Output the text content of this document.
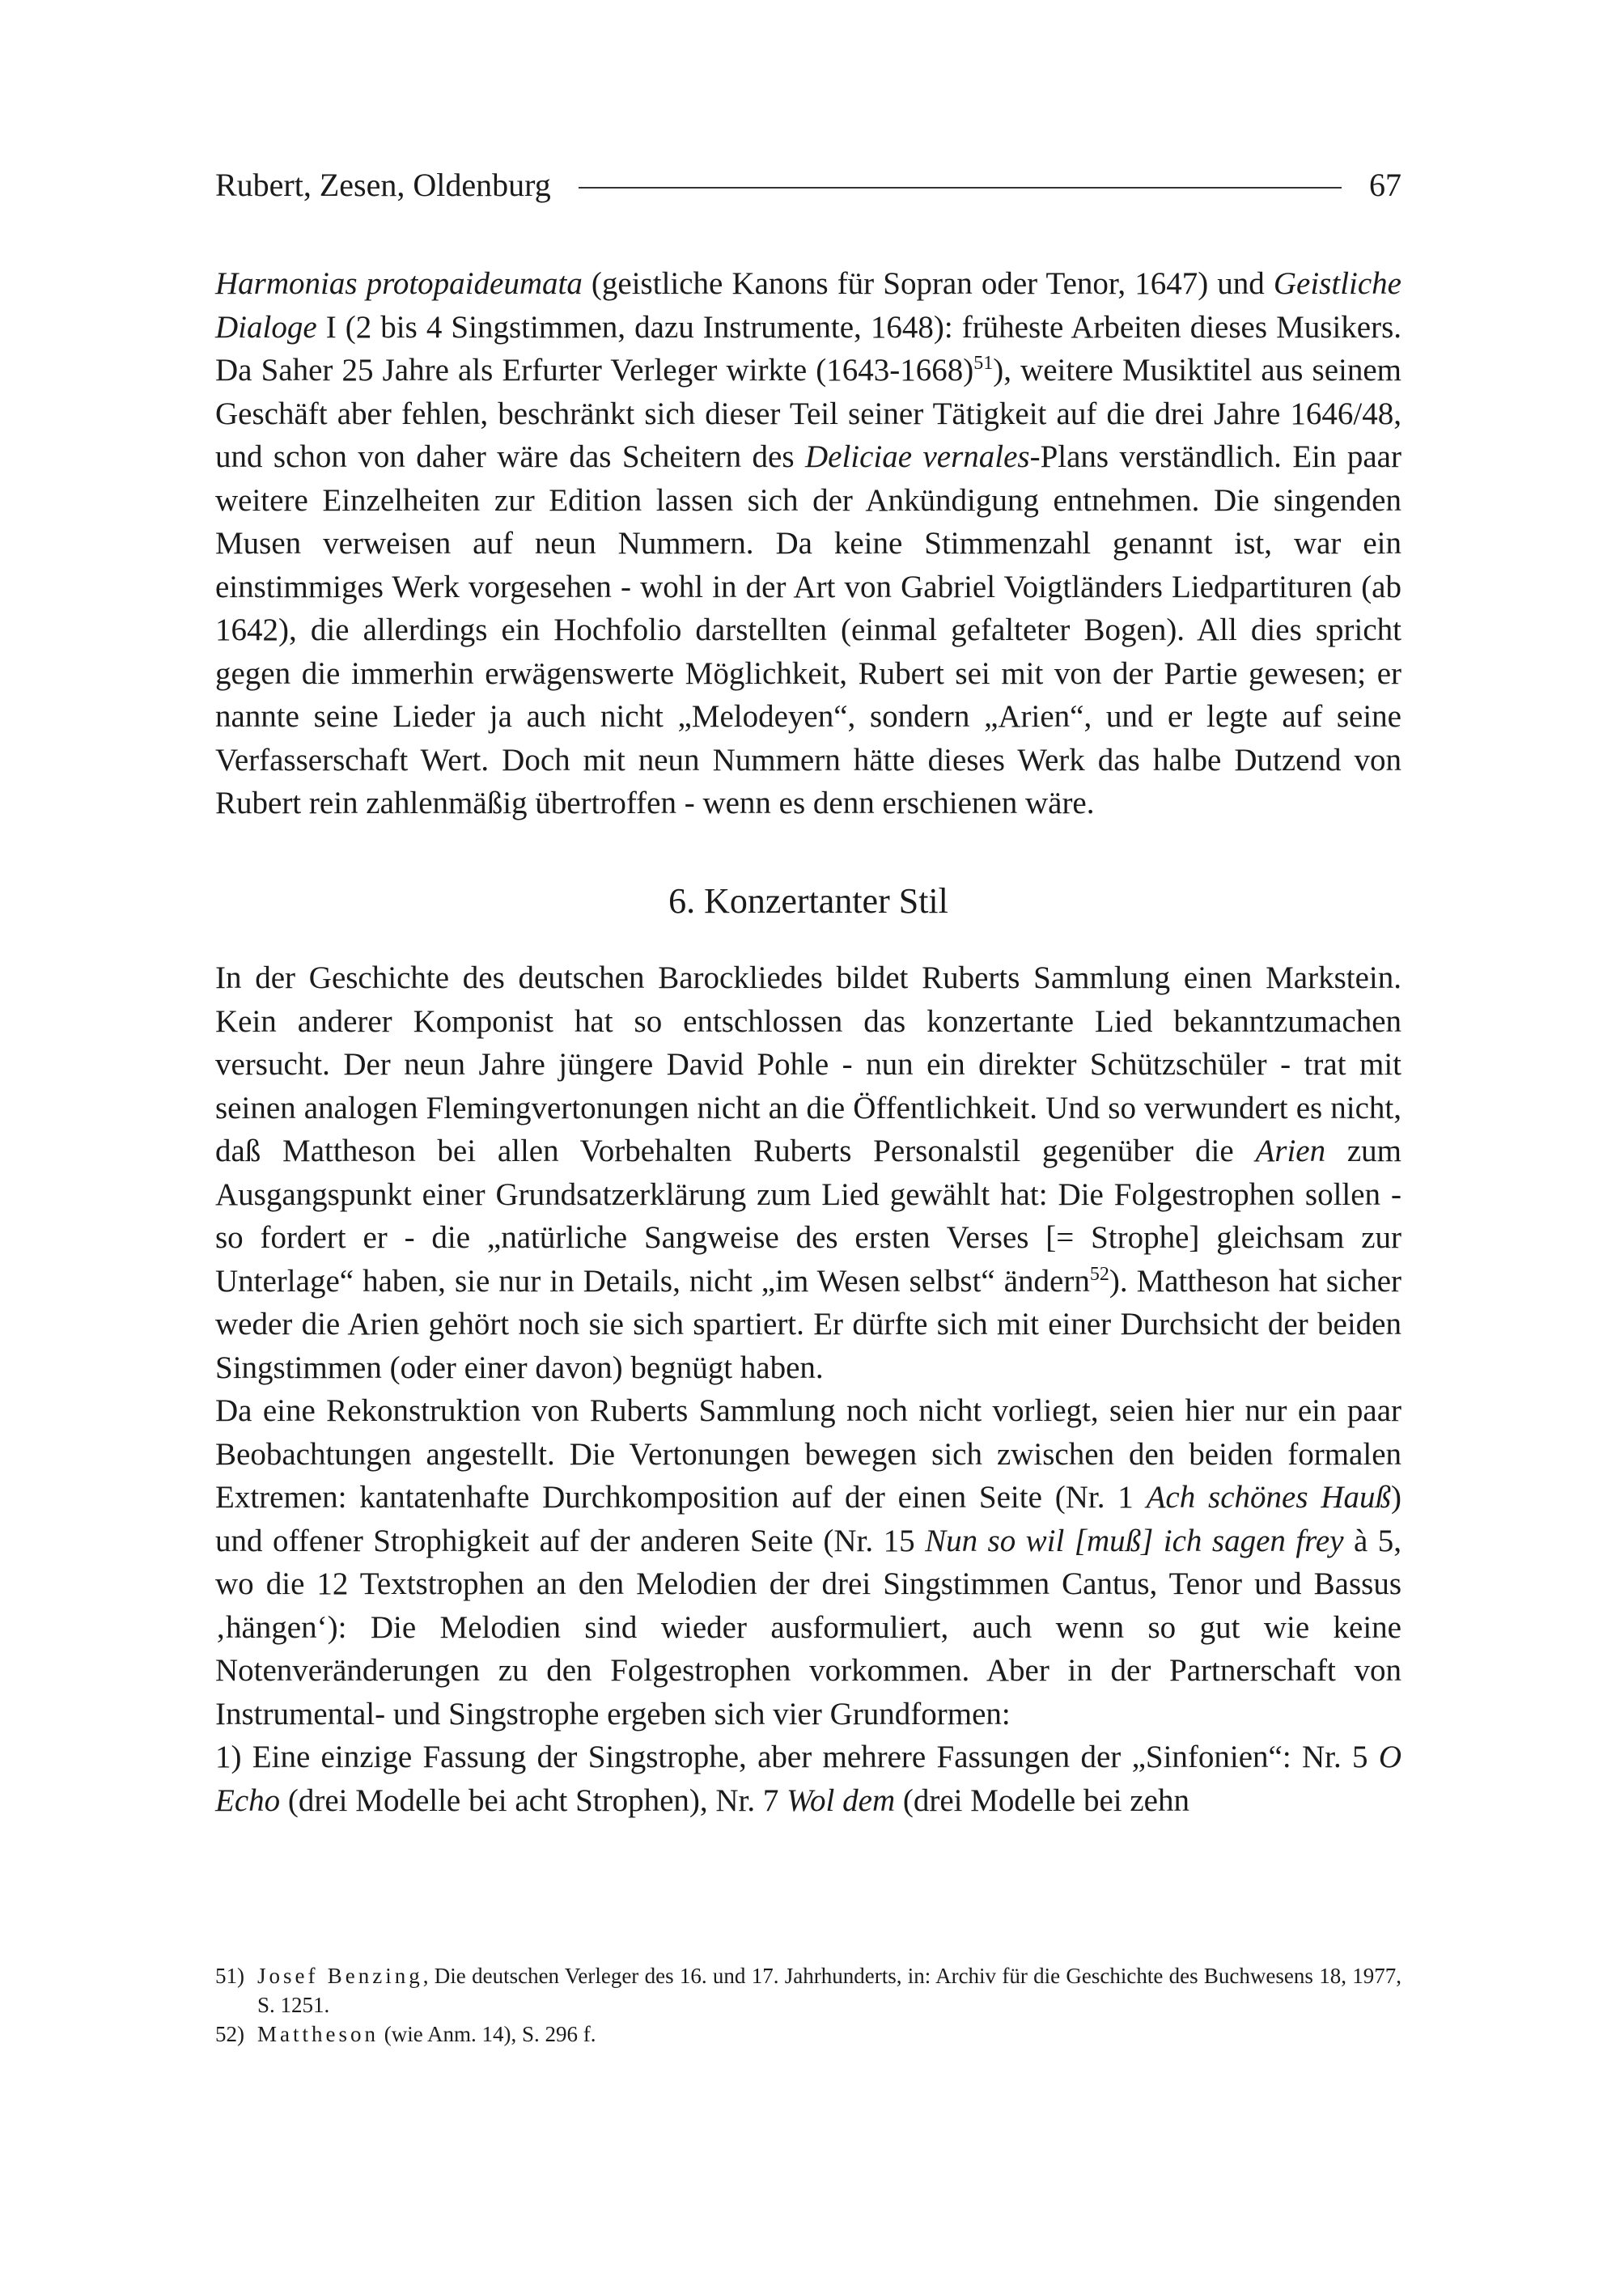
Rubert, Zesen, Oldenburg	67

Harmonias protopaideumata (geistliche Kanons für Sopran oder Tenor, 1647) und Geistliche Dialoge I (2 bis 4 Singstimmen, dazu Instrumente, 1648): früheste Arbeiten dieses Musikers. Da Saher 25 Jahre als Erfurter Verleger wirkte (1643-1668)$^{51}$), weitere Musiktitel aus seinem Geschäft aber fehlen, beschränkt sich dieser Teil seiner Tätigkeit auf die drei Jahre 1646/48, und schon von daher wäre das Scheitern des Deliciae vernales-Plans verständlich. Ein paar weitere Einzelheiten zur Edition lassen sich der Ankündigung entnehmen. Die singenden Musen verweisen auf neun Nummern. Da keine Stimmenzahl genannt ist, war ein einstimmiges Werk vorgesehen - wohl in der Art von Gabriel Voigtländers Liedpartituren (ab 1642), die allerdings ein Hochfolio darstellten (einmal gefalteter Bogen). All dies spricht gegen die immerhin erwägenswerte Möglichkeit, Rubert sei mit von der Partie gewesen; er nannte seine Lieder ja auch nicht „Melodeyen“, sondern „Arien“, und er legte auf seine Verfasserschaft Wert. Doch mit neun Nummern hätte dieses Werk das halbe Dutzend von Rubert rein zahlenmäßig übertroffen - wenn es denn erschienen wäre.

6. Konzertanter Stil

In der Geschichte des deutschen Barockliedes bildet Ruberts Sammlung einen Markstein. Kein anderer Komponist hat so entschlossen das konzertante Lied bekanntzumachen versucht. Der neun Jahre jüngere David Pohle - nun ein direkter Schützschüler - trat mit seinen analogen Flemingvertonungen nicht an die Öffentlichkeit. Und so verwundert es nicht, daß Mattheson bei allen Vorbehalten Ruberts Personalstil gegenüber die Arien zum Ausgangspunkt einer Grundsatzerklärung zum Lied gewählt hat: Die Folgestrophen sollen - so fordert er - die „natürliche Sangweise des ersten Verses [= Strophe] gleichsam zur Unterlage“ haben, sie nur in Details, nicht „im Wesen selbst“ ändern$^{52}$). Mattheson hat sicher weder die Arien gehört noch sie sich spartiert. Er dürfte sich mit einer Durchsicht der beiden Singstimmen (oder einer davon) begnügt haben.

Da eine Rekonstruktion von Ruberts Sammlung noch nicht vorliegt, seien hier nur ein paar Beobachtungen angestellt. Die Vertonungen bewegen sich zwischen den beiden formalen Extremen: kantatenhafte Durchkomposition auf der einen Seite (Nr. 1 Ach schönes Hauß) und offener Strophigkeit auf der anderen Seite (Nr. 15 Nun so wil [muß] ich sagen frey à 5, wo die 12 Textstrophen an den Melodien der drei Singstimmen Cantus, Tenor und Bassus ‚hängen‘): Die Melodien sind wieder ausformuliert, auch wenn so gut wie keine Notenveränderungen zu den Folgestrophen vorkommen. Aber in der Partnerschaft von Instrumental- und Singstrophe ergeben sich vier Grundformen:

1) Eine einzige Fassung der Singstrophe, aber mehrere Fassungen der „Sinfonien“: Nr. 5 O Echo (drei Modelle bei acht Strophen), Nr. 7 Wol dem (drei Modelle bei zehn

51) Josef Benzing, Die deutschen Verleger des 16. und 17. Jahrhunderts, in: Archiv für die Geschichte des Buchwesens 18, 1977, S. 1251.
52) Mattheson (wie Anm. 14), S. 296 f.
